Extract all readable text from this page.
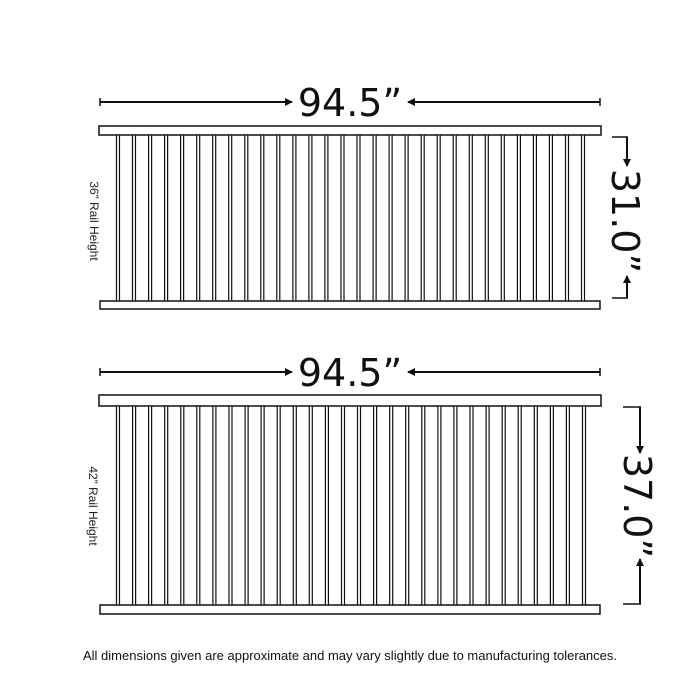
94.5”
31.0”
36” Rail Height
94.5”
37.0”
42” Rail Height
All dimensions given are approximate and may vary slightly due to manufacturing tolerances.
